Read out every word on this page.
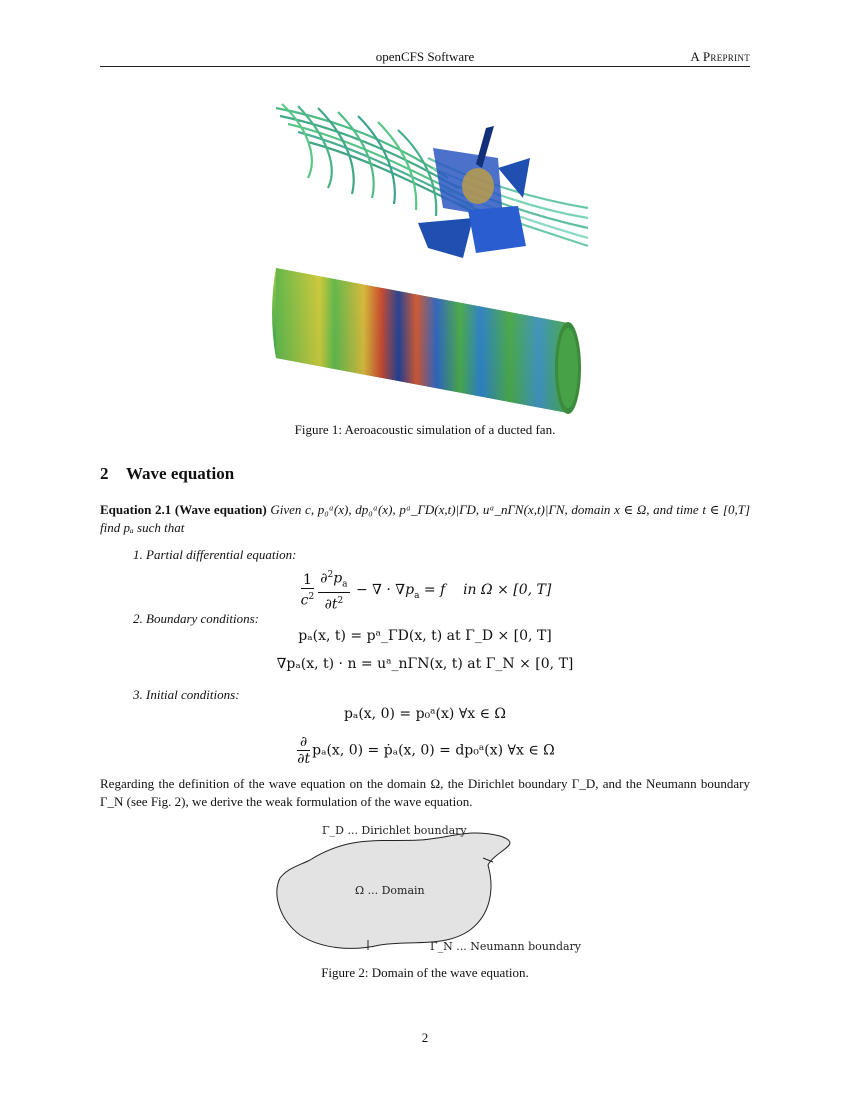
openCFS Software	A Preprint
Figure 1: Aeroacoustic simulation of a ducted fan.
2 Wave equation
Equation 2.1 (Wave equation) Given c, p₀ᵃ(x), dp₀ᵃ(x), pᵃ_ΓD(x,t)|ΓD, uᵃ_nΓN(x,t)|ΓN, domain x ∈ Ω, and time t ∈ [0,T] find pₐ such that
1. Partial differential equation:
$\frac{1}{c^2} \frac{\partial^2p_a}{\partial t^2}$ − ∇ · $\nabla p_a = f$ in Ω × [0, T]
2. Boundary conditions:
pₐ(x, t) = pᵃ_ΓD(x, t) at Γ_D × [0, T]
∇pₐ(x, t) · n = uᵃ_nΓN(x, t) at Γ_N × [0, T]
3. Initial conditions:
pₐ(x, 0) = p₀ᵃ(x) ∀x ∈ Ω
$\frac{\partial}{\partial t} p_a(x$, 0) = ṗₐ(x, 0) = dp₀ᵃ(x) ∀x ∈ Ω
Regarding the definition of the wave equation on the domain Ω, the Dirichlet boundary Γ_D, and the Neumann boundary Γ_N (see Fig. 2), we derive the weak formulation of the wave equation.
Γ_D ... Dirichlet boundary
Ω ... Domain
Γ_N ... Neumann boundary
Figure 2: Domain of the wave equation.
2
